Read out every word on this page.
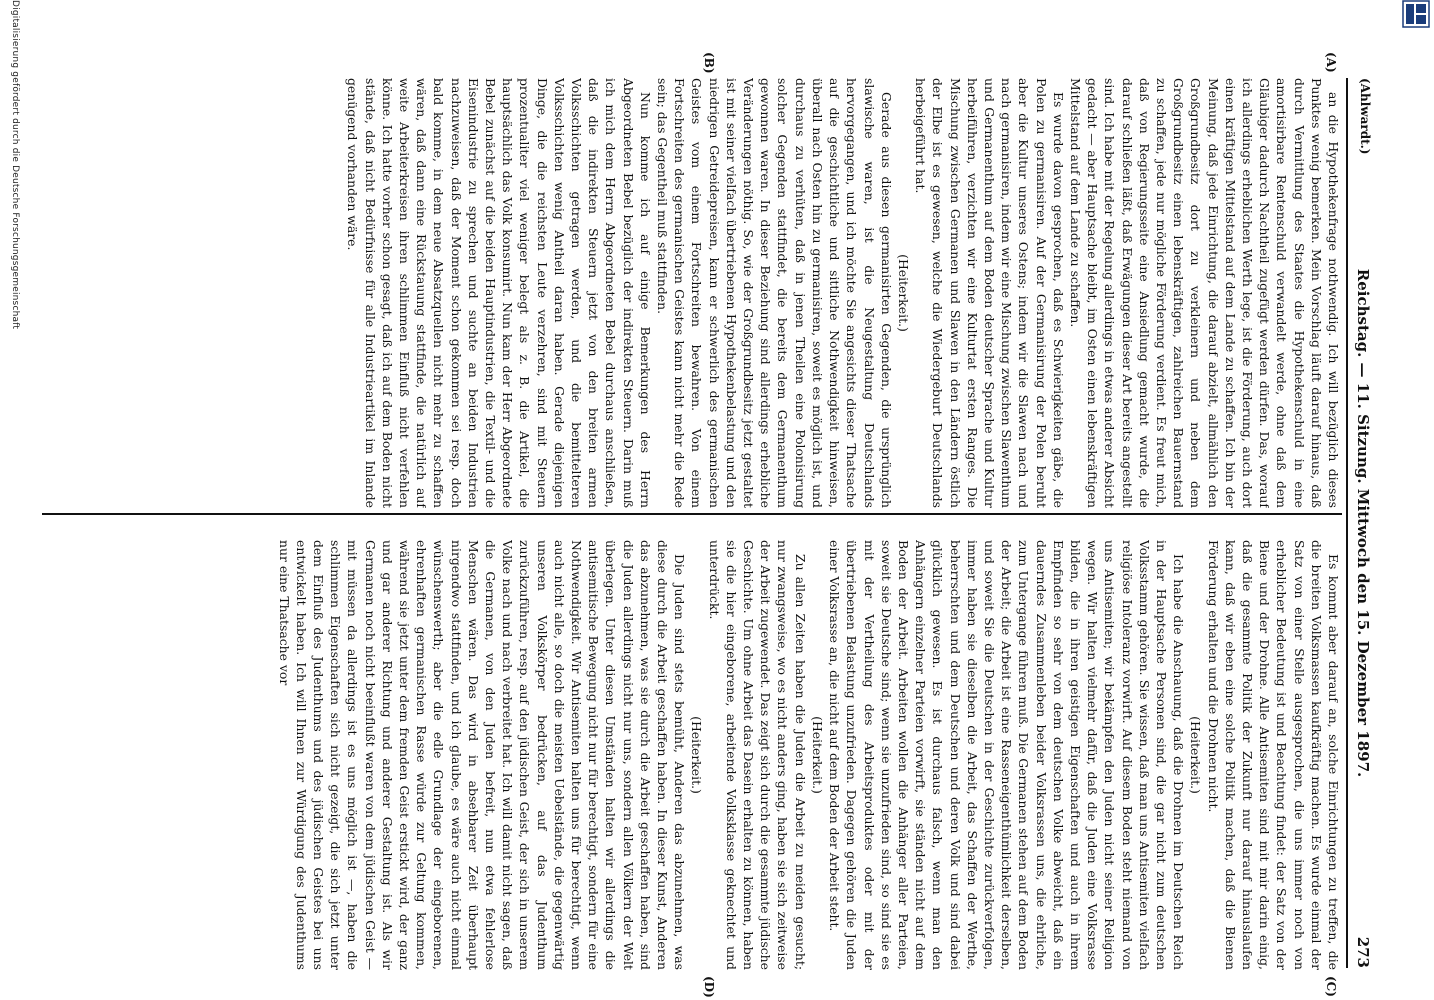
(Ahlwardt.)
Reichstag. — 11. Sitzung. Mittwoch den 15. Dezember 1897.
273
(A)
(B)
(C)
(D)

an die Hypothekenfrage nothwendig. Ich will bezüglich dieses Punktes wenig bemerken. Mein Vorschlag läuft darauf hinaus, daß durch Vermittlung des Staates die Hypothekenschuld in eine amortisirbare Rentenschuld verwandelt werde, ohne daß dem Gläubiger dadurch Nachtheil zugefügt werden dürfen. Das, worauf ich allerdings erheblichen Werth lege, ist die Förderung, auch dort einen kräftigen Mittelstand auf dem Lande zu schaffen. Ich bin der Meinung, daß jede Einrichtung, die darauf abzielt, allmählich den Großgrundbesitz dort zu verkleinern und neben dem Großgrundbesitz einen lebenskräftigen, zahlreichen Bauernstand zu schaffen, jede nur mögliche Förderung verdient. Es freut mich, daß von Regierungsseite eine Ansiedlung gemacht wurde, die darauf schließen läßt, daß Erwägungen dieser Art bereits angestellt sind. Ich habe mit der Regelung allerdings in etwas anderer Absicht gedacht — aber Hauptsache bleibt, im Osten einen lebenskräftigen Mittelstand auf dem Lande zu schaffen.

Es wurde davon gesprochen, daß es Schwierigkeiten gäbe, die Polen zu germanisiren. Auf der Germanisirung der Polen beruht aber die Kultur unseres Ostens; indem wir die Slawen nach und nach germanisiren, indem wir eine Mischung zwischen Slawenthum und Germanenthum auf dem Boden deutscher Sprache und Kultur herbeiführen, verzichten wir eine Kulturtat ersten Ranges. Die Mischung zwischen Germanen und Slawen in den Ländern östlich der Elbe ist es gewesen, welche die Wiedergeburt Deutschlands herbeigeführt hat.

(Heiterkeit.)

Gerade aus diesen germanisirten Gegenden, die ursprünglich slawische waren, ist die Neugestaltung Deutschlands hervorgegangen, und ich möchte Sie angesichts dieser Thatsache auf die geschichtliche und sittliche Nothwendigkeit hinweisen, überall nach Osten hin zu germanisiren, soweit es möglich ist, und durchaus zu verhüten, daß in jenen Theilen eine Polonisirung solcher Gegenden stattfindet, die bereits dem Germanenthum gewonnen waren. In dieser Beziehung sind allerdings erhebliche Veränderungen nöthig. So, wie der Großgrundbesitz jetzt gestaltet ist mit seiner vielfach übertriebenen Hypothekenbelastung und den niedrigen Getreidepreisen, kann er schwerlich des germanischen Geistes vom einem Fortschreiten bewahren. Von einem Fortschreiten des germanischen Geistes kann nicht mehr die Rede sein; das Gegentheil muß stattfinden.

Nun komme ich auf einige Bemerkungen des Herrn Abgeordneten Bebel bezüglich der indirekten Steuern. Darin muß ich mich dem Herrn Abgeordneten Bebel durchaus anschließen, daß die indirekten Steuern jetzt von den breiten armen Volksschichten getragen werden, und die bemittelteren Volksschichten wenig Antheil daran haben. Gerade diejenigen Dinge, die die reichsten Leute verzehren, sind mit Steuern prozentualiter viel weniger belegt als z. B. die Artikel, die hauptsächlich das Volk konsumirt. Nun kam der Herr Abgeordnete Bebel zunächst auf die beiden Hauptindustrien, die Textil- und die Eisenindustrie zu sprechen und suchte an beiden Industrien nachzuweisen, daß der Moment schon gekommen sei resp. doch bald komme, in dem neue Absatzquellen nicht mehr zu schaffen wären, daß dann eine Rückstauung stattfinde, die natürlich auf weite Arbeiterkreisen ihren schlimmen Einfluß nicht verfehlen könne. Ich hatte vorher schon gesagt, daß ich auf dem Boden nicht stände, daß nicht Bedürfnisse für alle Industrieartikel im Inlande genügend vorhanden wäre.

Es kommt aber darauf an, solche Einrichtungen zu treffen, die die breiten Volksmassen kaufkräftig machen. Es wurde einmal der Satz von einer Stelle ausgesprochen, die uns immer noch von erheblicher Bedeutung ist und Beachtung findet: der Satz von der Biene und der Drohne. Alle Antisemiten sind mit mir darin einig, daß die gesammte Politik der Zukunft nur darauf hinauslaufen kann, daß wir eben eine solche Politik machen, daß die Bienen Förderung erhalten und die Drohnen nicht.

(Heiterkeit.)

Ich habe die Anschauung, daß die Drohnen im Deutschen Reich in der Hauptsache Personen sind, die gar nicht zum deutschen Volksstamm gehören. Sie wissen, daß man uns Antisemiten vielfach religiöse Intoleranz vorwirft. Auf diesem Boden steht niemand von uns Antisemiten; wir bekämpfen den Juden nicht seiner Religion wegen. Wir halten vielmehr dafür, daß die Juden eine Volksrasse bilden, die in ihren geistigen Eigenschaften und auch in ihrem Empfinden so sehr von dem deutschen Volke abweicht, daß ein dauerndes Zusammenleben beider Volksrassen uns, die ehrliche, zum Untergange führen muß. Die Germanen stehen auf dem Boden der Arbeit; die Arbeit ist eine Rasseneigenthümlichkeit derselben, und soweit Sie die Deutschen in der Geschichte zurückverfolgen, immer haben sie dieselben die Arbeit, das Schaffen der Werthe, beherrschten und dem Deutschen und deren Volk und sind dabei glücklich gewesen. Es ist durchaus falsch, wenn man den Anhängern einzelner Parteien vorwirft, sie ständen nicht auf dem Boden der Arbeit. Arbeiten wollen die Anhänger aller Parteien, soweit sie Deutsche sind; wenn sie unzufrieden sind, so sind sie es mit der Vertheilung des Arbeitsproduktes oder mit der übertriebenen Belastung unzufrieden. Dagegen gehören die Juden einer Volksrasse an, die nicht auf dem Boden der Arbeit steht.

(Heiterkeit.)

Zu allen Zeiten haben die Juden die Arbeit zu meiden gesucht; nur zwangsweise, wo es nicht anders ging, haben sie sich zeitweise der Arbeit zugewendet. Das zeigt sich durch die gesammte jüdische Geschichte. Um ohne Arbeit das Dasein erhalten zu können, haben sie die hier eingeborene, arbeitende Volksklasse geknechtet und unterdrückt.

(Heiterkeit.)

Die Juden sind stets bemüht, Anderen das abzunehmen, was diese durch die Arbeit geschaffen haben. In dieser Kunst, Anderen das abzunehmen, was sie durch die Arbeit geschaffen haben, sind die Juden allerdings nicht nur uns, sondern allen Völkern der Welt überlegen. Unter diesen Umständen halten wir allerdings die antisemitische Bewegung nicht nur für berechtigt, sondern für eine Nothwendigkeit. Wir Antisemiten halten uns für berechtigt, wenn auch nicht alle, so doch die meisten Uebelstände, die gegenwärtig unseren Volkskörper bedrücken, auf das Judenthum zurückzuführen, resp. auf den jüdischen Geist, der sich in unserem Volke nach und nach verbreitet hat. Ich will damit nicht sagen, daß die Germanen, von den Juden befreit, nun etwa fehlerlose Menschen wären. Das wird in absehbarer Zeit überhaupt nirgendwo stattfinden, und ich glaube, es wäre auch nicht einmal wünschenswerth; aber die edle Grundlage der eingeborenen, ehrenhaften germanischen Rasse würde zur Geltung kommen, während sie jetzt unter dem fremden Geist erstickt wird, der ganz und gar anderer Richtung und anderer Gestaltung ist. Als wir Germanen noch nicht beeinflußt waren von dem jüdischen Geist — mit müssen da allerdings ist es uns möglich ist —, haben die schlimmen Eigenschaften sich nicht gezeigt, die sich jetzt unter dem Einfluß des Judenthums und des jüdischen Geistes bei uns entwickelt haben. Ich will Ihnen zur Würdigung des Judenthums nur eine Thatsache vor

Digitalisierung gefördert durch die Deutsche Forschungsgemeinschaft
